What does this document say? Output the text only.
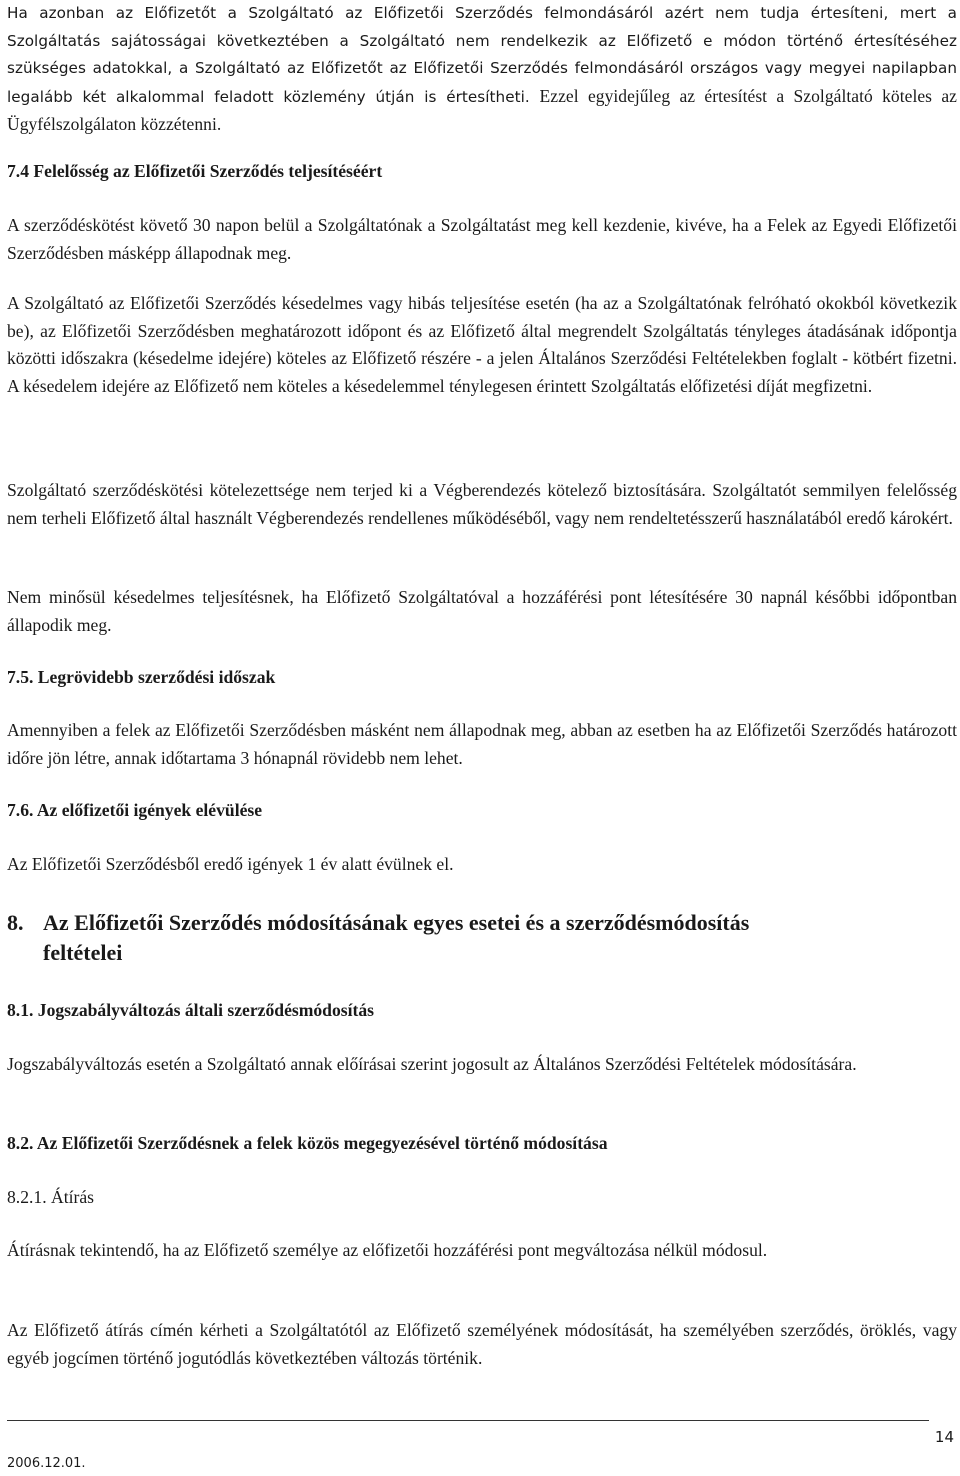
Ha azonban az Előfizetőt a Szolgáltató az Előfizetői Szerződés felmondásáról azért nem tudja értesíteni, mert a Szolgáltatás sajátosságai következtében a Szolgáltató nem rendelkezik az Előfizető e módon történő értesítéséhez szükséges adatokkal, a Szolgáltató az Előfizetőt az Előfizetői Szerződés felmondásáról országos vagy megyei napilapban legalább két alkalommal feladott közlemény útján is értesítheti. Ezzel egyidejűleg az értesítést a Szolgáltató köteles az Ügyfélszolgálaton közzétenni.

7.4 Felelősség az Előfizetői Szerződés teljesítéséért

A szerződéskötést követő 30 napon belül a Szolgáltatónak a Szolgáltatást meg kell kezdenie, kivéve, ha a Felek az Egyedi Előfizetői Szerződésben másképp állapodnak meg.

A Szolgáltató az Előfizetői Szerződés késedelmes vagy hibás teljesítése esetén (ha az a Szolgáltatónak felróható okokból következik be), az Előfizetői Szerződésben meghatározott időpont és az Előfizető által megrendelt Szolgáltatás tényleges átadásának időpontja közötti időszakra (késedelme idejére) köteles az Előfizető részére - a jelen Általános Szerződési Feltételekben foglalt - kötbért fizetni. A késedelem idejére az Előfizető nem köteles a késedelemmel ténylegesen érintett Szolgáltatás előfizetési díját megfizetni.

Szolgáltató szerződéskötési kötelezettsége nem terjed ki a Végberendezés kötelező biztosítására. Szolgáltatót semmilyen felelősség nem terheli Előfizető által használt Végberendezés rendellenes működéséből, vagy nem rendeltetésszerű használatából eredő károkért.

Nem minősül késedelmes teljesítésnek, ha Előfizető Szolgáltatóval a hozzáférési pont létesítésére 30 napnál későbbi időpontban állapodik meg.

7.5. Legrövidebb szerződési időszak

Amennyiben a felek az Előfizetői Szerződésben másként nem állapodnak meg, abban az esetben ha az Előfizetői Szerződés határozott időre jön létre, annak időtartama 3 hónapnál rövidebb nem lehet.

7.6. Az előfizetői igények elévülése

Az Előfizetői Szerződésből eredő igények 1 év alatt évülnek el.

8. Az Előfizetői Szerződés módosításának egyes esetei és a szerződésmódosítás
feltételei
8.1. Jogszabályváltozás általi szerződésmódosítás

Jogszabályváltozás esetén a Szolgáltató annak előírásai szerint jogosult az Általános Szerződési Feltételek módosítására.

8.2. Az Előfizetői Szerződésnek a felek közös megegyezésével történő módosítása
8.2.1. Átírás

Átírásnak tekintendő, ha az Előfizető személye az előfizetői hozzáférési pont megváltozása nélkül módosul.

Az Előfizető átírás címén kérheti a Szolgáltatótól az Előfizető személyének módosítását, ha személyében szerződés, öröklés, vagy egyéb jogcímen történő jogutódlás következtében változás történik.

14
2006.12.01.
